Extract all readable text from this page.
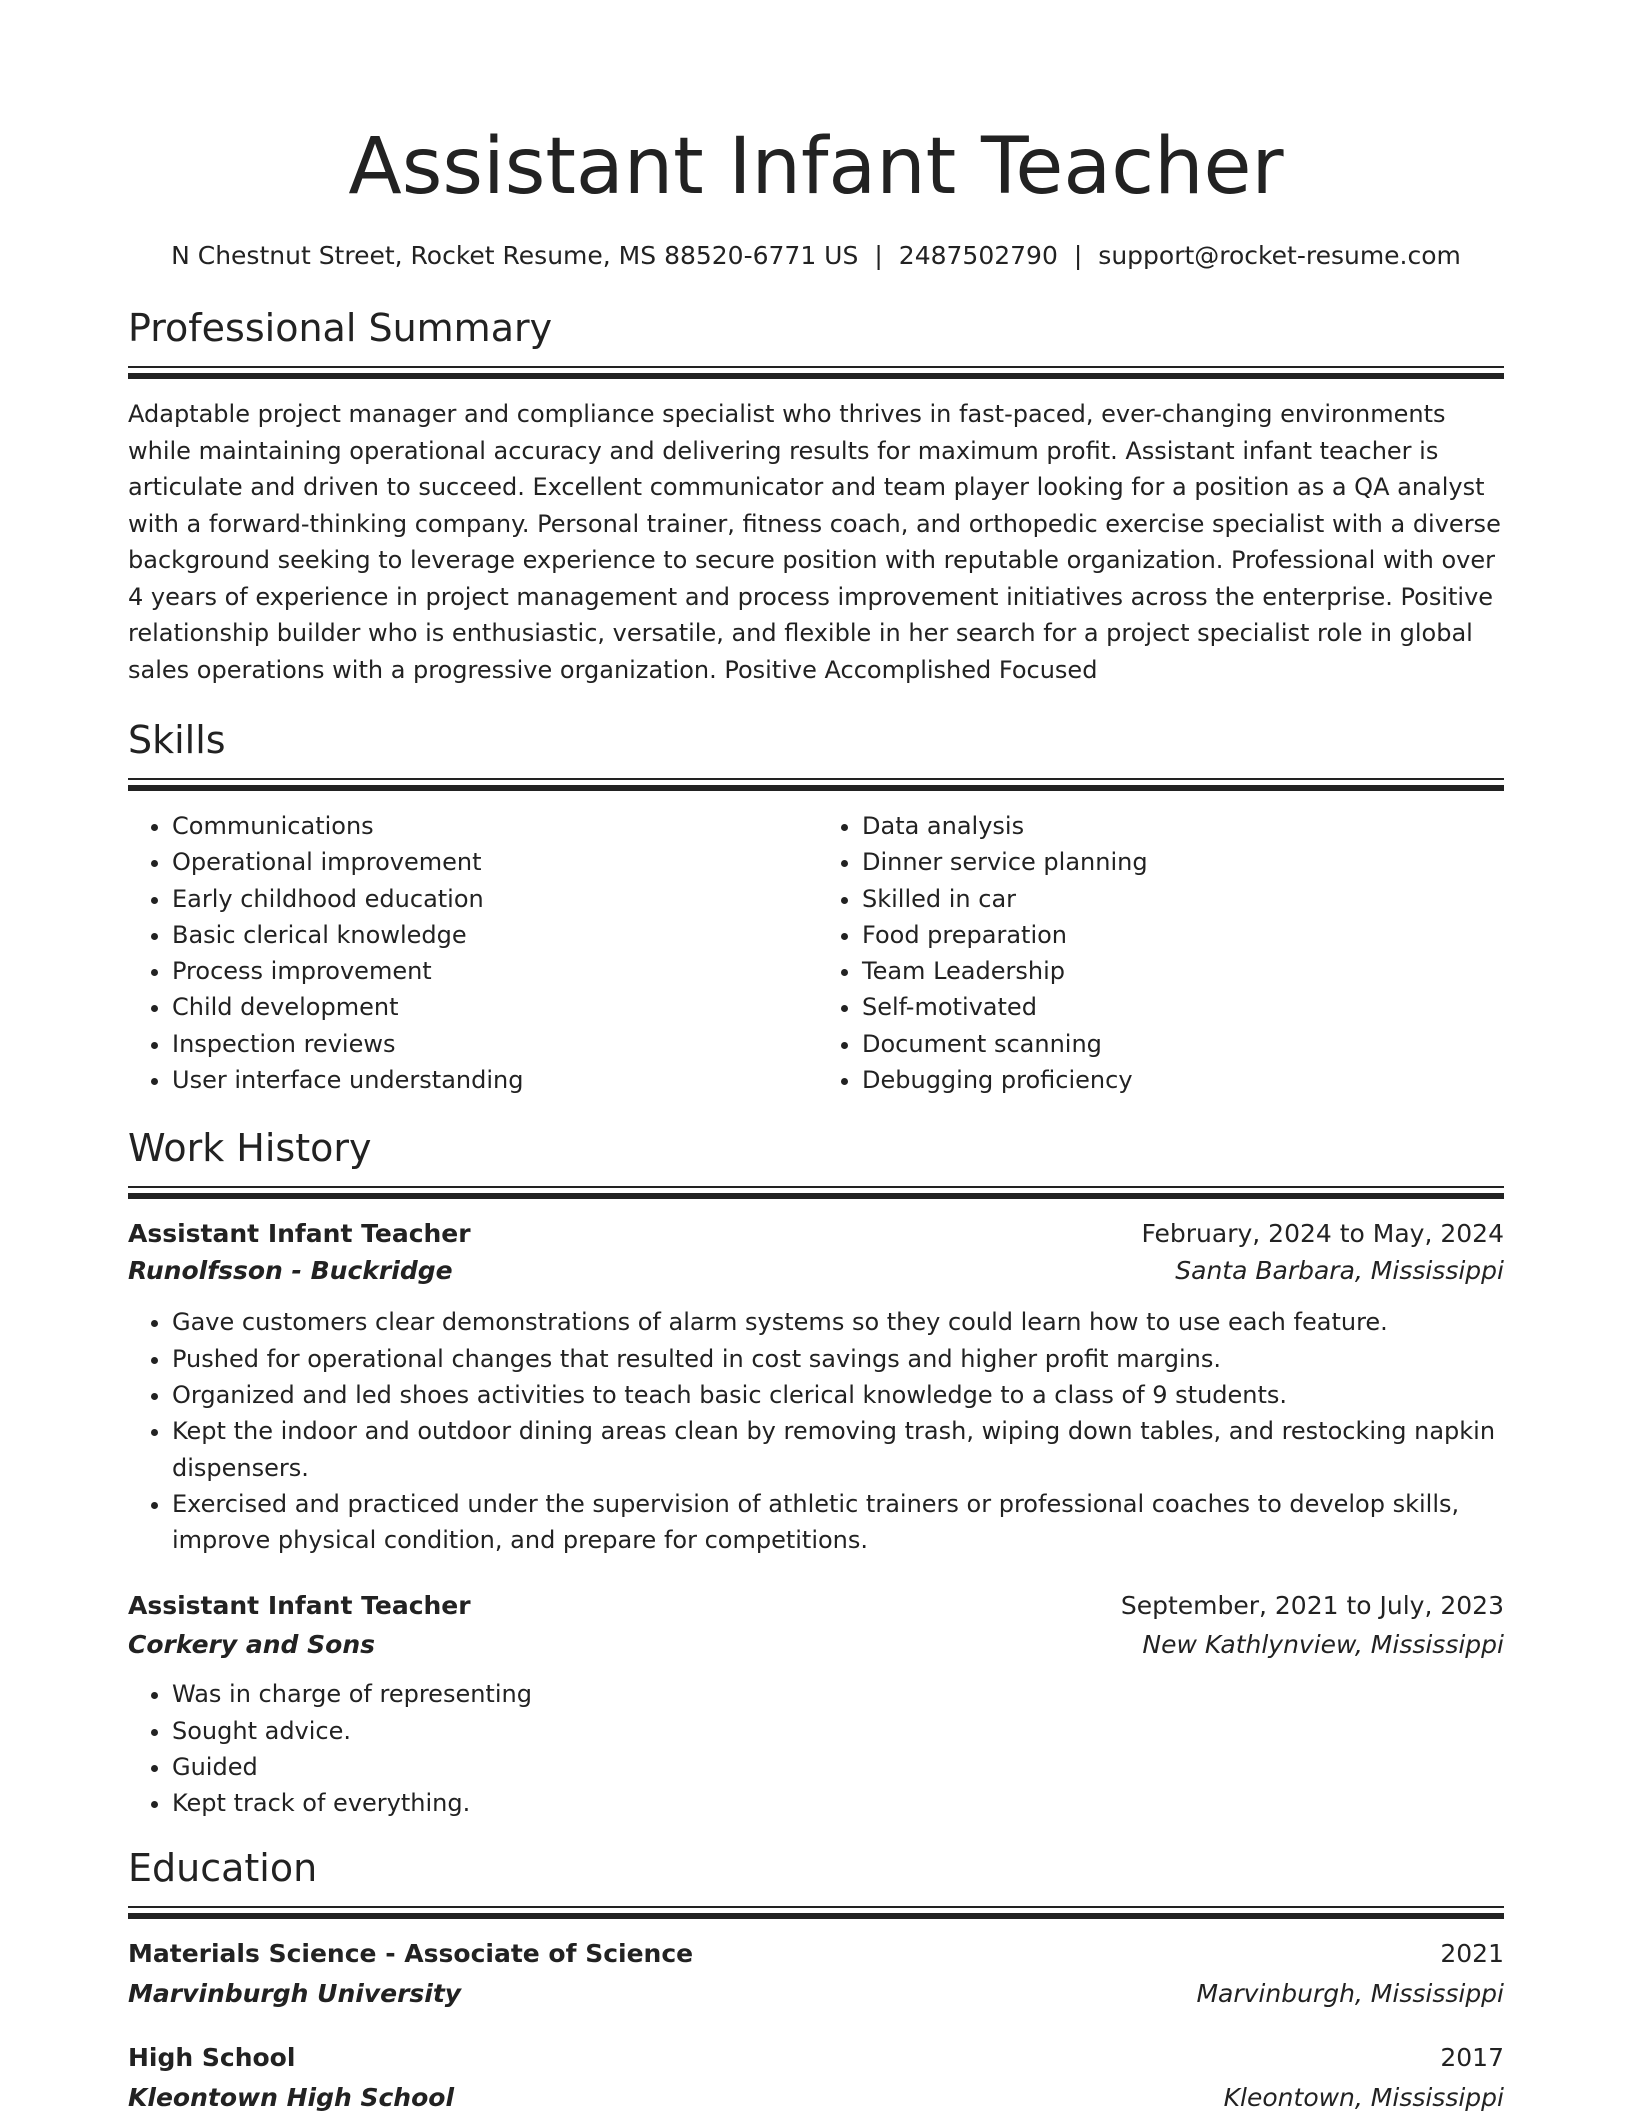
Assistant Infant Teacher
N Chestnut Street, Rocket Resume, MS 88520-6771 US | 2487502790 | support@rocket-resume.com
Professional Summary

Adaptable project manager and compliance specialist who thrives in fast-paced, ever-changing environments while maintaining operational accuracy and delivering results for maximum profit. Assistant infant teacher is articulate and driven to succeed. Excellent communicator and team player looking for a position as a QA analyst with a forward-thinking company. Personal trainer, fitness coach, and orthopedic exercise specialist with a diverse background seeking to leverage experience to secure position with reputable organization. Professional with over 4 years of experience in project management and process improvement initiatives across the enterprise. Positive relationship builder who is enthusiastic, versatile, and flexible in her search for a project specialist role in global sales operations with a progressive organization. Positive Accomplished Focused

Skills
• Communications
• Operational improvement
• Early childhood education
• Basic clerical knowledge
• Process improvement
• Child development
• Inspection reviews
• User interface understanding
• Data analysis
• Dinner service planning
• Skilled in car
• Food preparation
• Team Leadership
• Self-motivated
• Document scanning
• Debugging proficiency
Work History
Assistant Infant Teacher	February, 2024 to May, 2024
Runolfsson - Buckridge	Santa Barbara, Mississippi
• Gave customers clear demonstrations of alarm systems so they could learn how to use each feature.
• Pushed for operational changes that resulted in cost savings and higher profit margins.
• Organized and led shoes activities to teach basic clerical knowledge to a class of 9 students.
• Kept the indoor and outdoor dining areas clean by removing trash, wiping down tables, and restocking napkin dispensers.
• Exercised and practiced under the supervision of athletic trainers or professional coaches to develop skills, improve physical condition, and prepare for competitions.
Assistant Infant Teacher	September, 2021 to July, 2023
Corkery and Sons	New Kathlynview, Mississippi
• Was in charge of representing
• Sought advice.
• Guided
• Kept track of everything.
Education
Materials Science - Associate of Science	2021
Marvinburgh University	Marvinburgh, Mississippi
High School	2017
Kleontown High School	Kleontown, Mississippi
